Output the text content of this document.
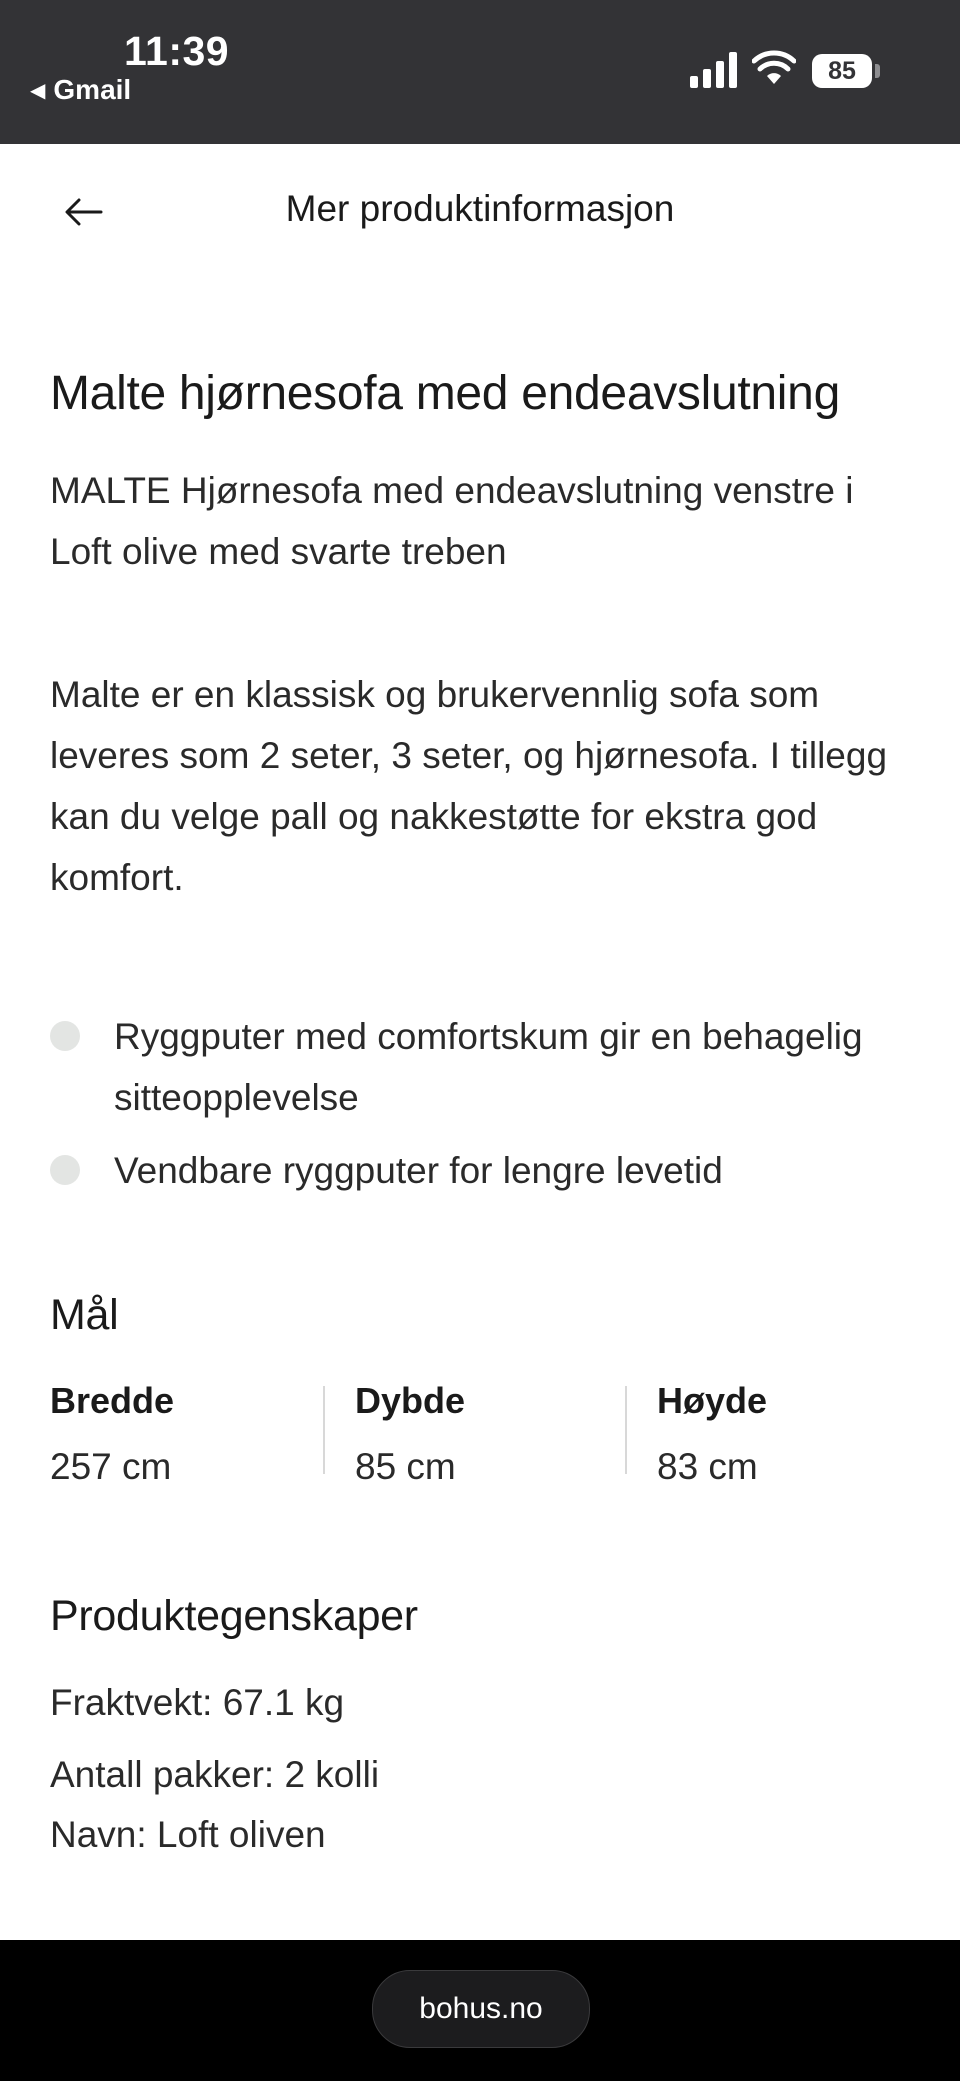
11:39
◀ Gmail
85
Mer produktinformasjon
Malte hjørnesofa med endeavslutning

MALTE Hjørnesofa med endeavslutning venstre i Loft olive med svarte treben

Malte er en klassisk og brukervennlig sofa som leveres som 2 seter, 3 seter, og hjørnesofa. I tillegg kan du velge pall og nakkestøtte for ekstra god komfort.

Ryggputer med comfortskum gir en behagelig sitteopplevelse
Vendbare ryggputer for lengre levetid
Mål
Bredde
257 cm
Dybde
85 cm
Høyde
83 cm
Produktegenskaper
Fraktvekt: 67.1 kg
Antall pakker: 2 kolli
Navn: Loft oliven
bohus.no
